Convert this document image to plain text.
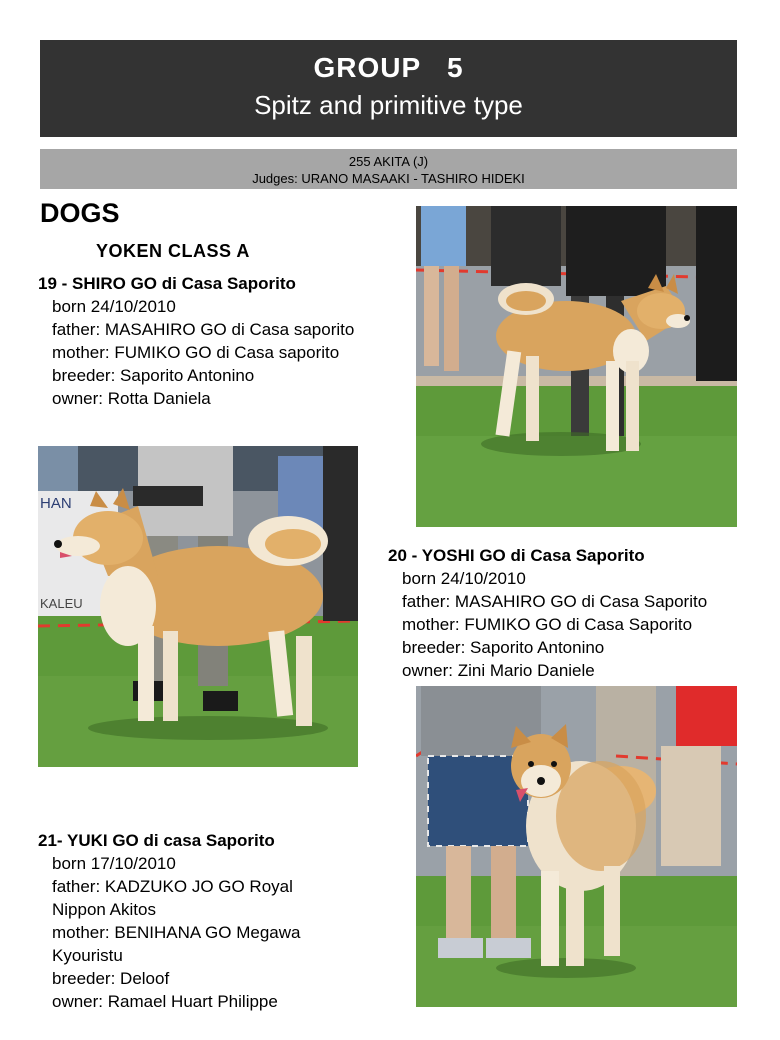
GROUP   5
Spitz and primitive type
255 AKITA (J)
Judges: URANO MASAAKI - TASHIRO HIDEKI
DOGS
YOKEN CLASS A
19 - SHIRO GO di Casa Saporito
born 24/10/2010
father: MASAHIRO GO di Casa saporito
mother: FUMIKO GO di Casa saporito
breeder: Saporito Antonino
owner: Rotta Daniela
20 - YOSHI GO di Casa Saporito
born 24/10/2010
father: MASAHIRO GO di Casa Saporito
mother: FUMIKO GO di Casa Saporito
breeder: Saporito Antonino
owner: Zini Mario Daniele
21- YUKI GO di casa Saporito
born 17/10/2010
father: KADZUKO JO GO Royal
Nippon Akitos
mother: BENIHANA GO Megawa
Kyouristu
breeder: Deloof
owner: Ramael Huart Philippe
HAN
KALEU
